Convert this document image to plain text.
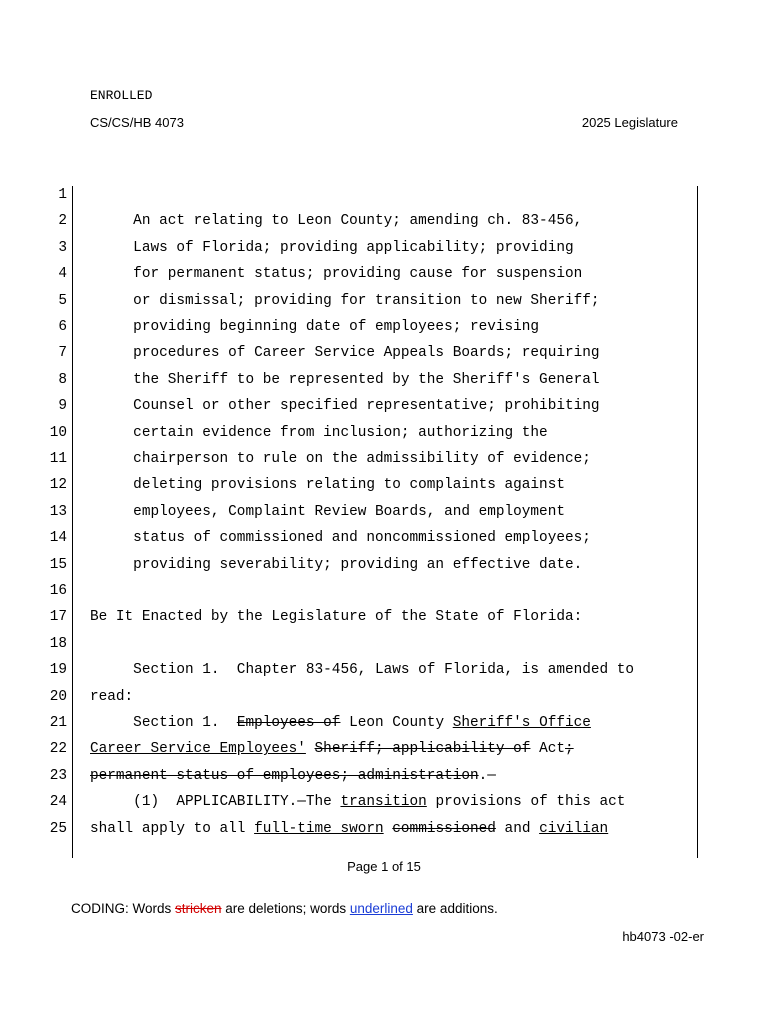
ENROLLED
CS/CS/HB 4073	2025 Legislature
1
2 An act relating to Leon County; amending ch. 83-456,
3 Laws of Florida; providing applicability; providing
4 for permanent status; providing cause for suspension
5 or dismissal; providing for transition to new Sheriff;
6 providing beginning date of employees; revising
7 procedures of Career Service Appeals Boards; requiring
8 the Sheriff to be represented by the Sheriff's General
9 Counsel or other specified representative; prohibiting
10 certain evidence from inclusion; authorizing the
11 chairperson to rule on the admissibility of evidence;
12 deleting provisions relating to complaints against
13 employees, Complaint Review Boards, and employment
14 status of commissioned and noncommissioned employees;
15 providing severability; providing an effective date.
16
17 Be It Enacted by the Legislature of the State of Florida:
18
19 Section 1.  Chapter 83-456, Laws of Florida, is amended to
20 read:
21 Section 1.  Employees of Leon County Sheriff's Office
22 Career Service Employees' Sheriff; applicability of Act;
23 permanent status of employees; administration.—
24 (1)  APPLICABILITY.—The transition provisions of this act
25 shall apply to all full-time sworn commissioned and civilian
Page 1 of 15
CODING: Words stricken are deletions; words underlined are additions.
hb4073 -02-er
